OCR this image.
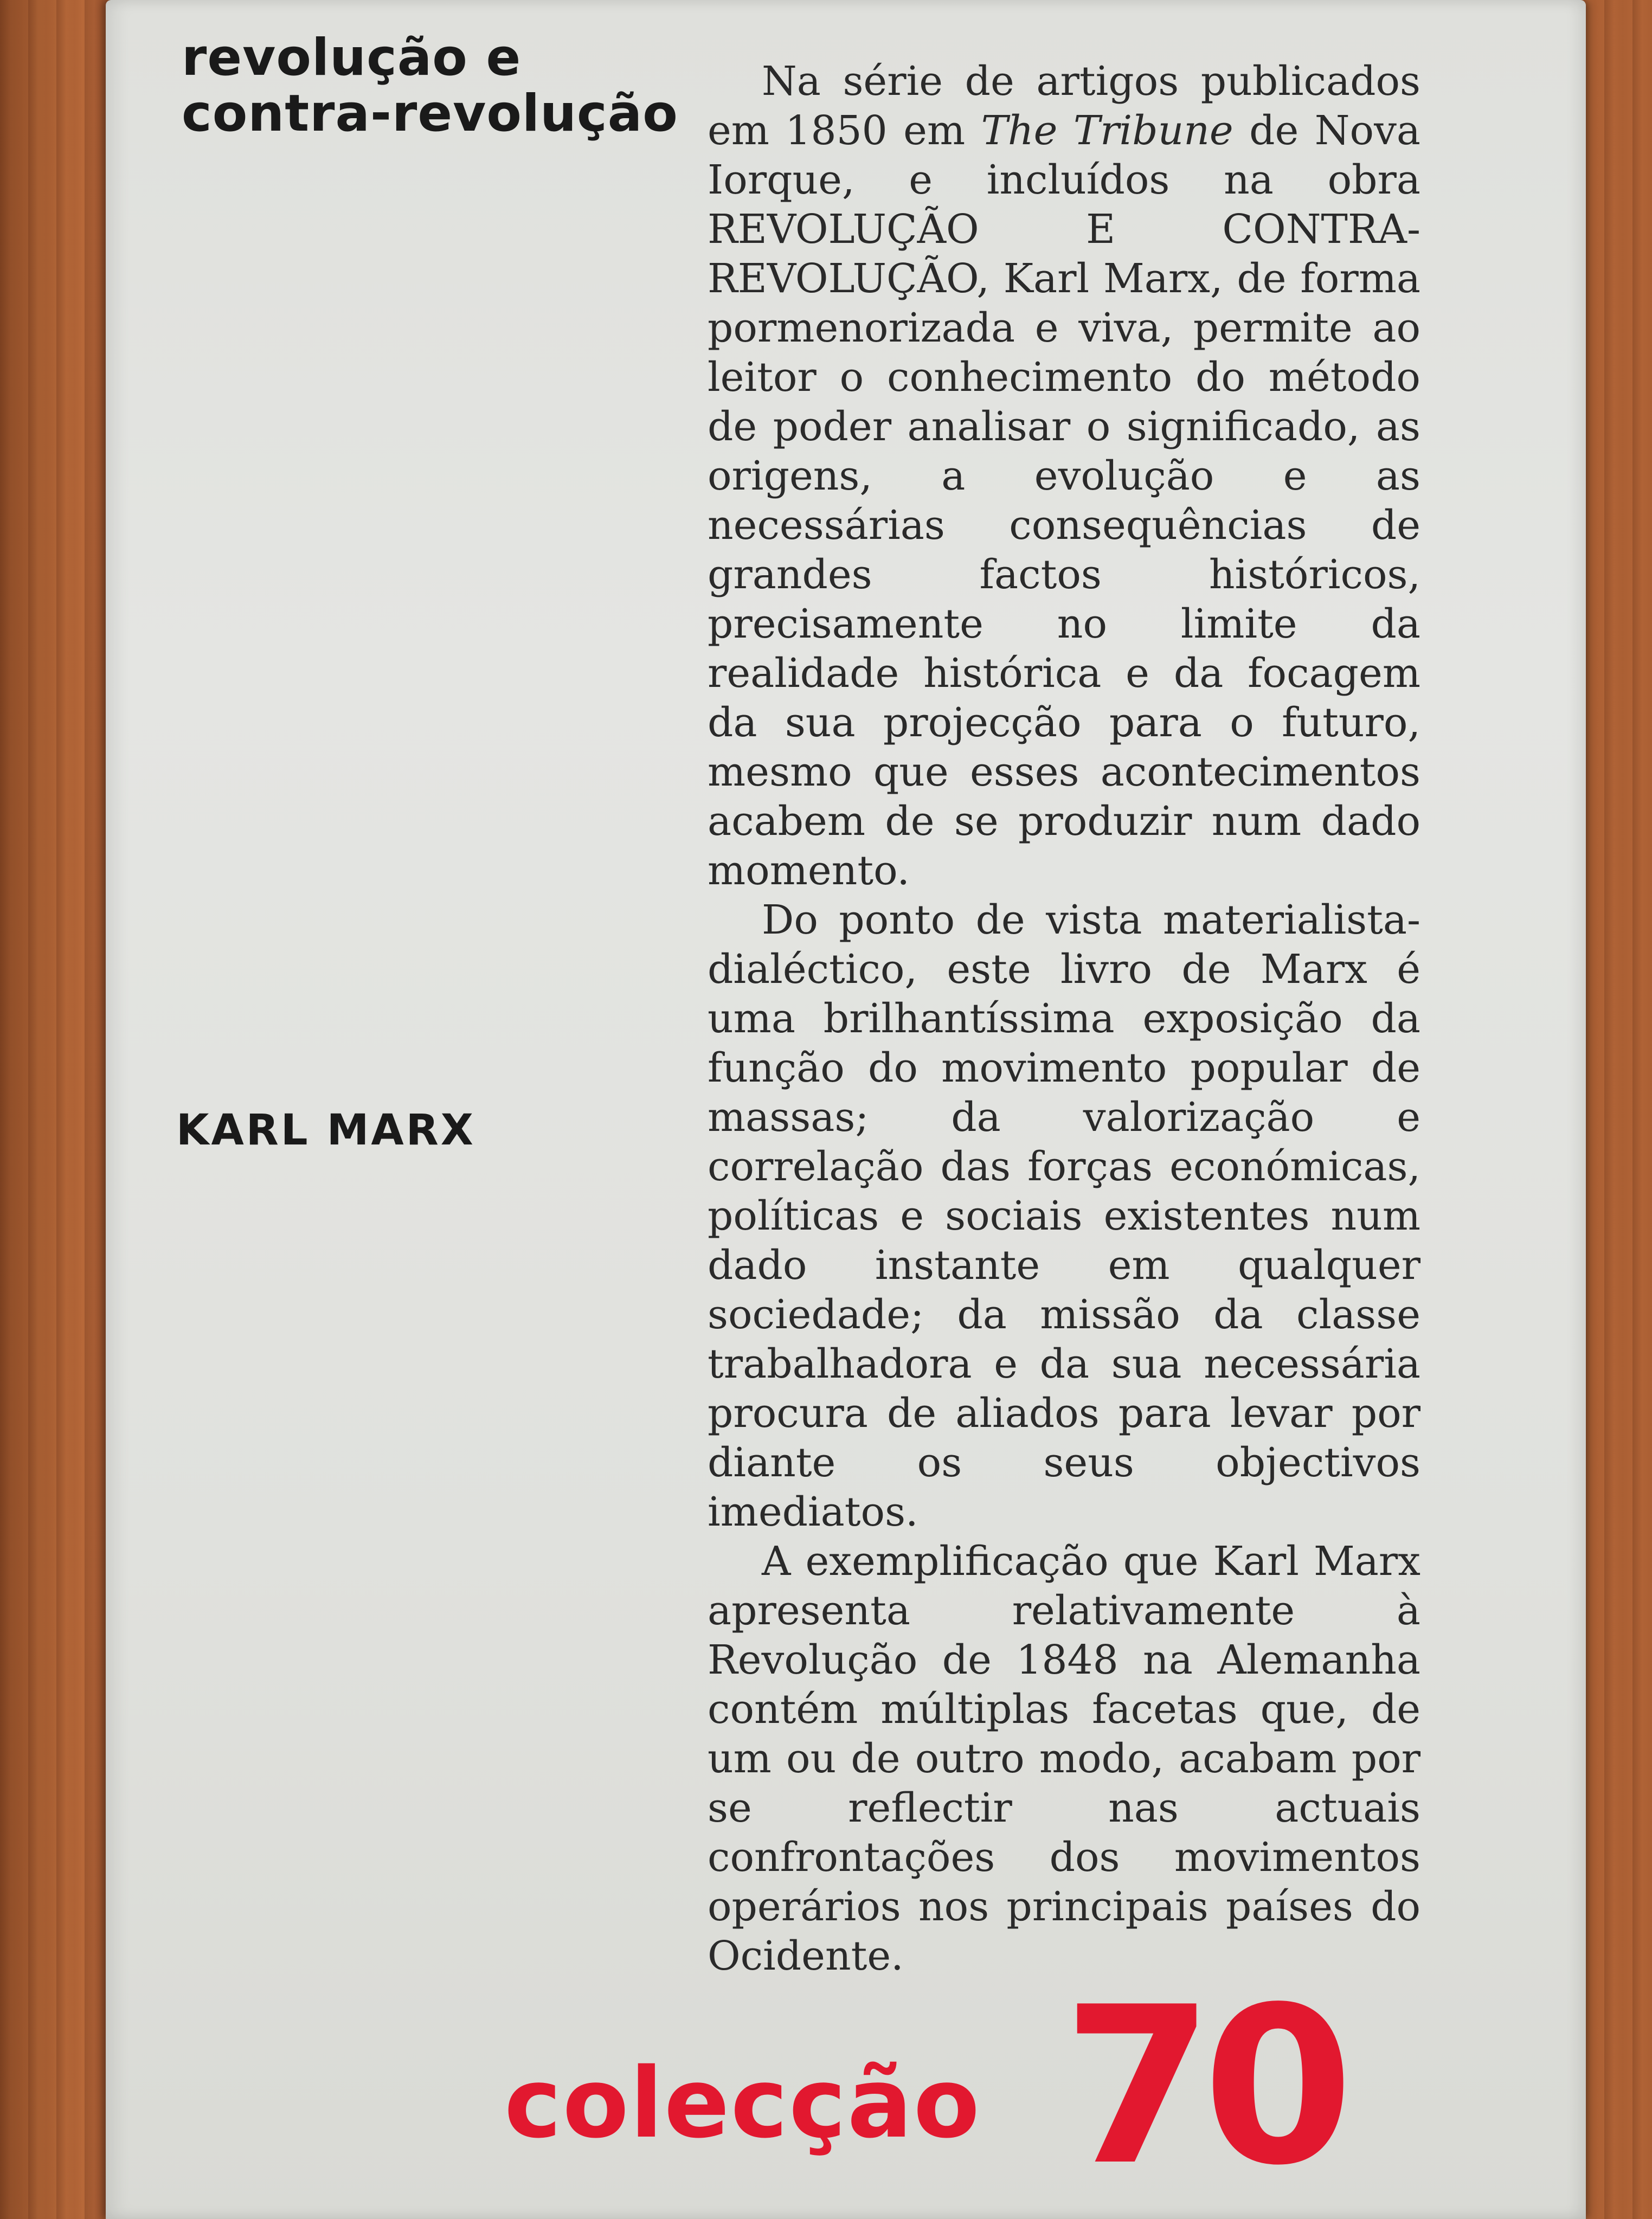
revolução e
contra-revolução
KARL MARX

Na série de artigos publicados em 1850 em The Tribune de Nova Iorque, e incluídos na obra REVOLUÇÃO E CONTRA-REVOLUÇÃO, Karl Marx, de forma pormenorizada e viva, permite ao leitor o conhecimento do método de poder analisar o significado, as origens, a evolução e as necessárias consequências de grandes factos históricos, precisamente no limite da realidade histórica e da focagem da sua projecção para o futuro, mesmo que esses acontecimentos acabem de se produzir num dado momento.

Do ponto de vista materialista-dialéctico, este livro de Marx é uma brilhantíssima exposição da função do movimento popular de massas; da valorização e correlação das forças económicas, políticas e sociais existentes num dado instante em qualquer sociedade; da missão da classe trabalhadora e da sua necessária procura de aliados para levar por diante os seus objectivos imediatos.

A exemplificação que Karl Marx apresenta relativamente à Revolução de 1848 na Alemanha contém múltiplas facetas que, de um ou de outro modo, acabam por se reflectir nas actuais confrontações dos movimentos operários nos principais países do Ocidente.

colecção 70
